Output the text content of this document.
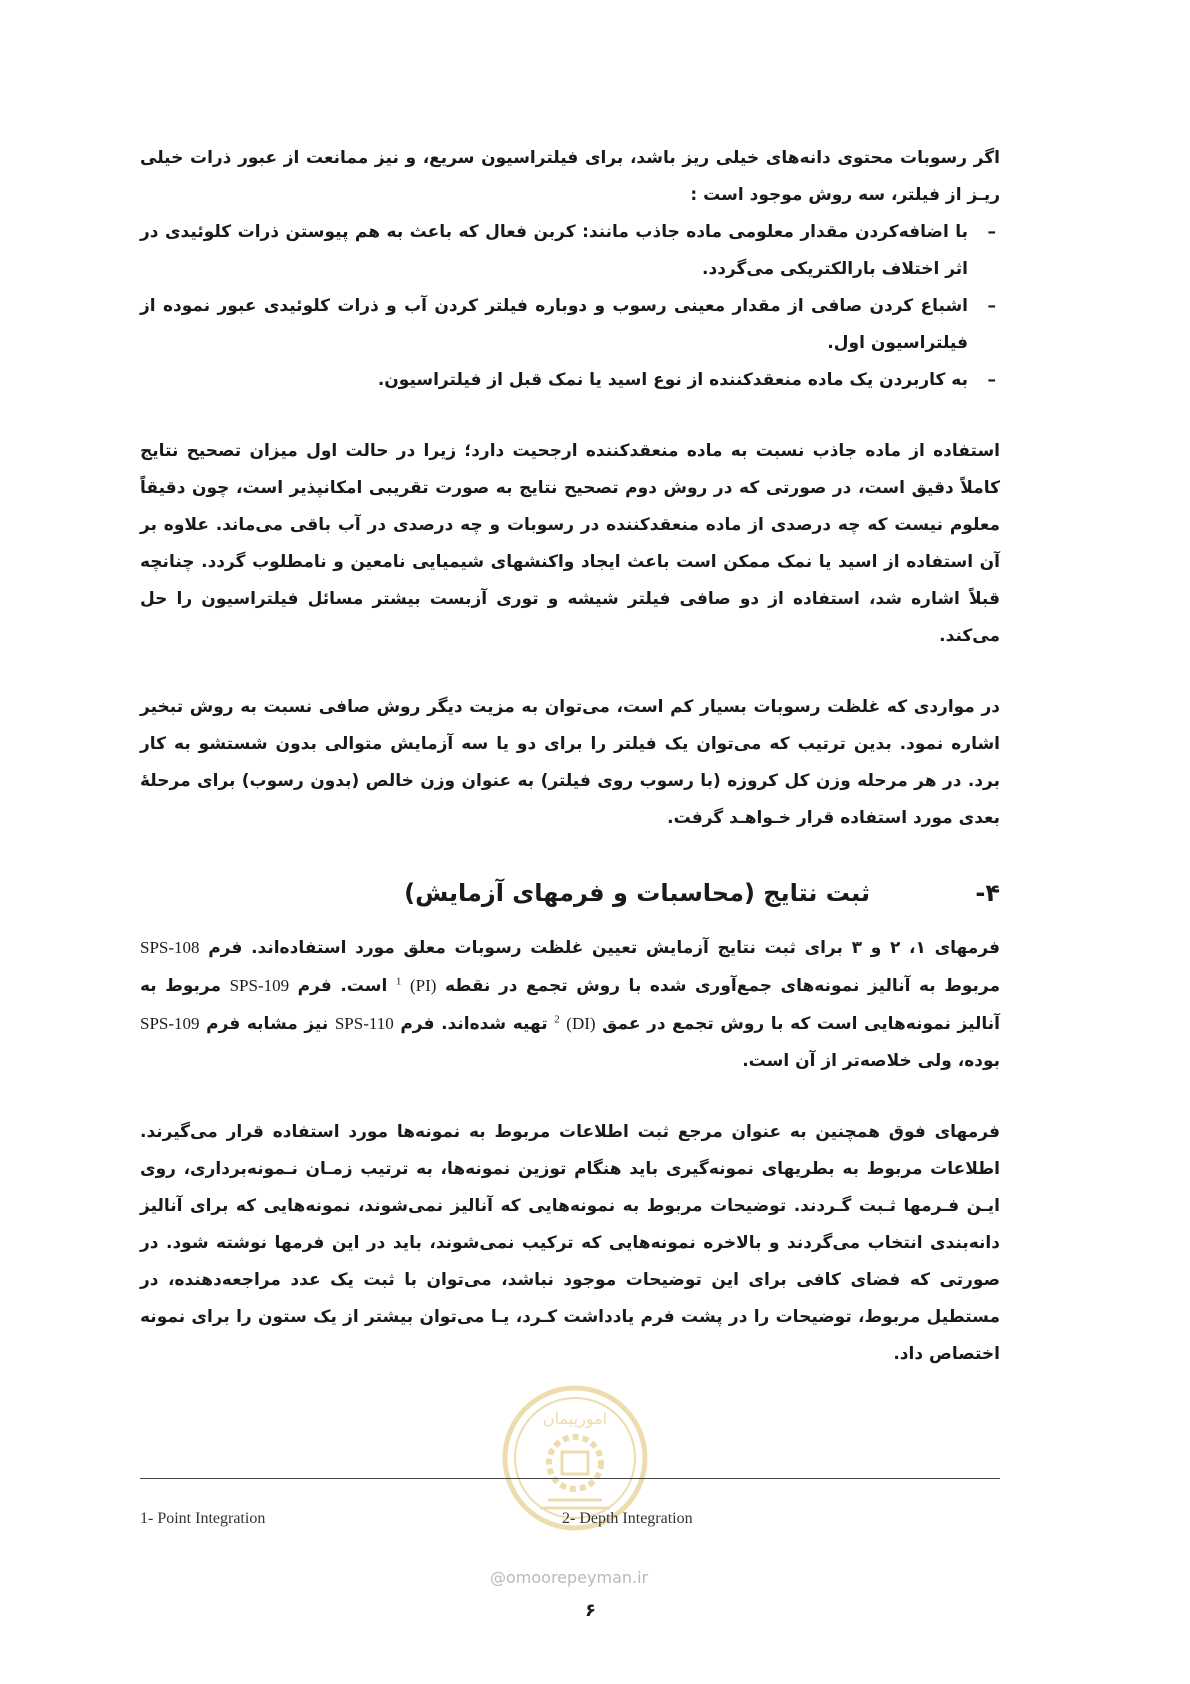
اگر رسوبات محتوی دانه‌های خیلی ریز باشد، برای فیلتراسیون سریع، و نیز ممانعت از عبور ذرات خیلی ریـز از فیلتر، سه روش موجود است :

–
با اضافه‌کردن مقدار معلومی ماده جاذب مانند: کربن فعال که باعث به هم پیوستن ذرات کلوئیدی در اثر اختلاف بارالکتریکی می‌گردد.
–
اشباع کردن صافی از مقدار معینی رسوب و دوباره فیلتر کردن آب و ذرات کلوئیدی عبور نموده از فیلتراسیون اول.
–
به کاربردن یک ماده منعقدکننده از نوع اسید یا نمک قبل از فیلتراسیون.

استفاده از ماده جاذب نسبت به ماده منعقدکننده ارجحیت دارد؛ زیرا در حالت اول میزان تصحیح نتایج کاملاً دقیق است، در صورتی که در روش دوم تصحیح نتایج به صورت تقریبی امکانپذیر است، چون دقیقاً معلوم نیست که چه درصدی از ماده منعقدکننده در رسوبات و چه درصدی در آب باقی می‌ماند. علاوه بر آن استفاده از اسید یا نمک ممکن است باعث ایجاد واکنشهای شیمیایی نامعین و نامطلوب گردد. چنانچه قبلاً اشاره شد، استفاده از دو صافی فیلتر شیشه و توری آزبست بیشتر مسائل فیلتراسیون را حل می‌کند.

در مواردی که غلظت رسوبات بسیار کم است، می‌توان به مزیت دیگر روش صافی نسبت به روش تبخیر اشاره نمود. بدین ترتیب که می‌توان یک فیلتر را برای دو یا سه آزمایش متوالی بدون شستشو به کار برد. در هر مرحله وزن کل کروزه (با رسوب روی فیلتر) به عنوان وزن خالص (بدون رسوب) برای مرحلهٔ بعدی مورد استفاده قرار خـواهـد گرفت.

۴-
ثبت نتایج (محاسبات و فرمهای آزمایش)

فرمهای ۱، ۲ و ۳ برای ثبت نتایج آزمایش تعیین غلظت رسوبات معلق مورد استفاده‌اند. فرم SPS-108 مربوط به آنالیز نمونه‌های جمع‌آوری شده با روش تجمع در نقطه (PI) $^1$ است. فرم SPS-109 مربوط به آنالیز نمونه‌هایی است که با روش تجمع در عمق (DI) $^2$ تهیه شده‌اند. فرم SPS-110 نیز مشابه فرم SPS-109 بوده، ولی خلاصه‌تر از آن است.

فرمهای فوق همچنین به عنوان مرجع ثبت اطلاعات مربوط به نمونه‌ها مورد استفاده قرار می‌گیرند. اطلاعات مربوط به بطریهای نمونه‌گیری باید هنگام توزین نمونه‌ها، به ترتیب زمـان نـمونه‌برداری، روی ایـن فـرمها ثـبت گـردند. توضیحات مربوط به نمونه‌هایی که آنالیز نمی‌شوند، نمونه‌هایی که برای آنالیز دانه‌بندی انتخاب می‌گردند و بالاخره نمونه‌هایی که ترکیب نمی‌شوند، باید در این فرمها نوشته شود. در صورتی که فضای کافی برای این توضیحات موجود نباشد، می‌توان با ثبت یک عدد مراجعه‌دهنده، در مستطیل مربوط، توضیحات را در پشت فرم یادداشت کـرد، یـا می‌توان بیشتر از یک ستون را برای نمونه اختصاص داد.

امورپیمان
1- Point Integration	2- Depth Integration
@omoorepeyman.ir
۶
